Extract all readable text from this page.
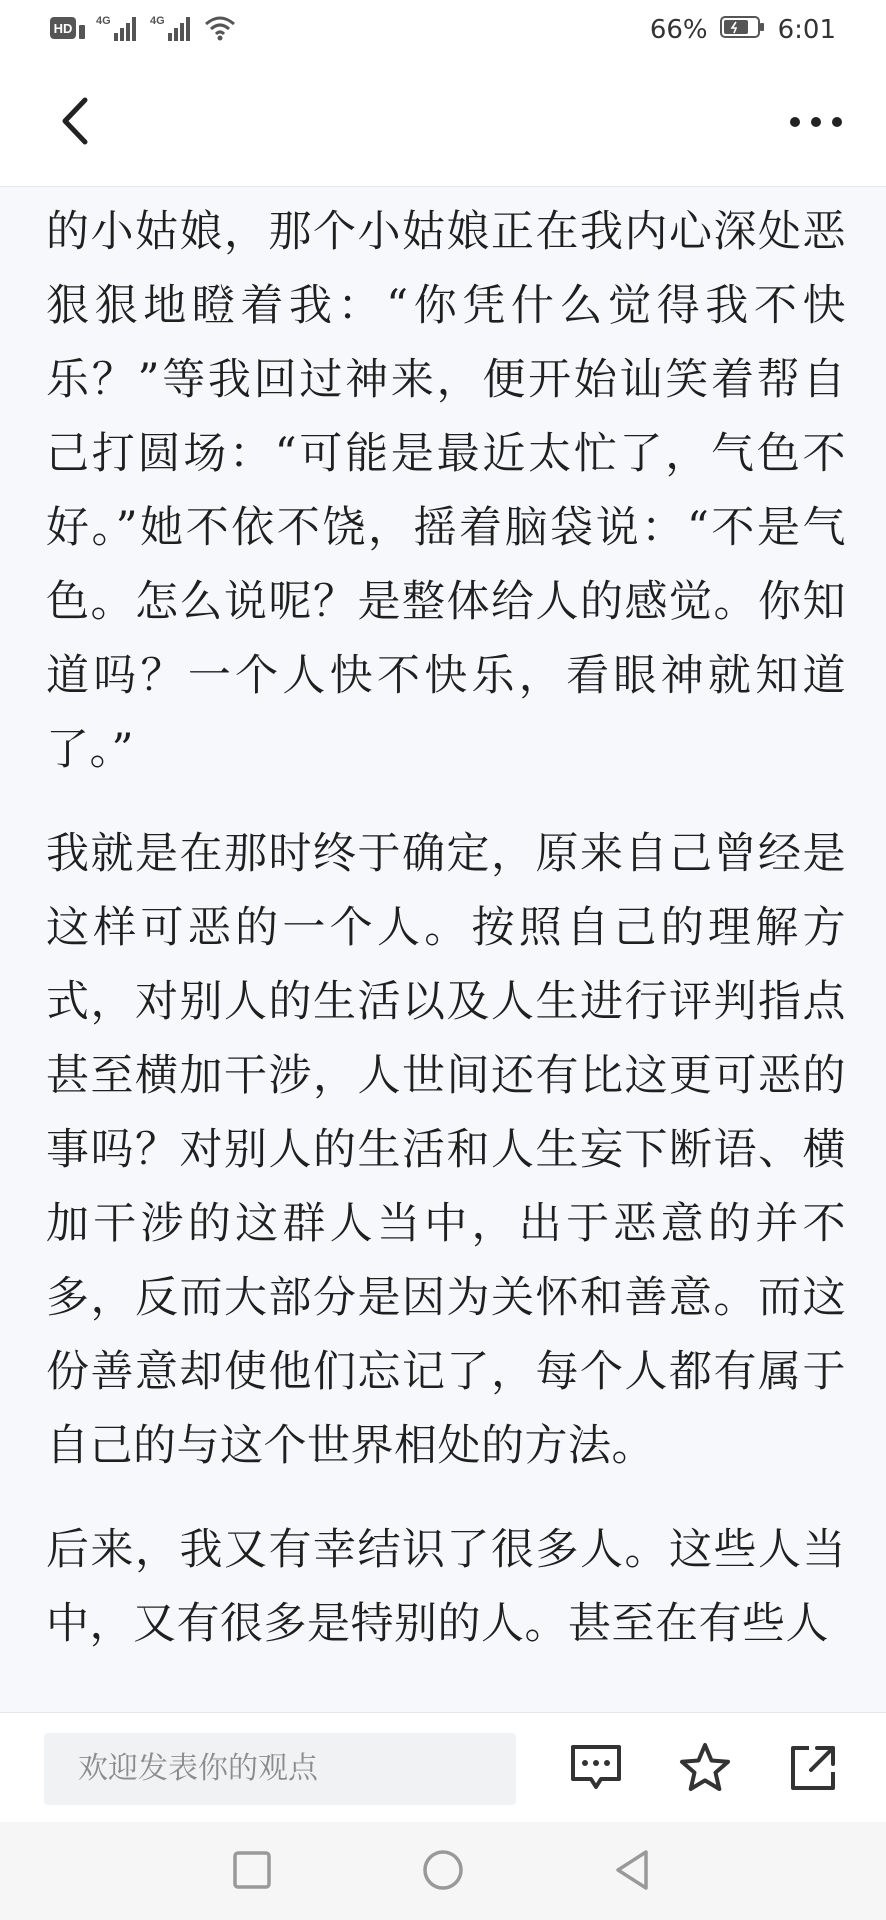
HD 4G	4G	66%	6:01

的小姑娘，那个小姑娘正在我内心深处恶狠狠地瞪着我：“你凭什么觉得我不快乐？”等我回过神来，便开始讪笑着帮自己打圆场：“可能是最近太忙了，气色不好。”她不依不饶，摇着脑袋说：“不是气色。怎么说呢？是整体给人的感觉。你知道吗？一个人快不快乐，看眼神就知道了。”

我就是在那时终于确定，原来自己曾经是这样可恶的一个人。按照自己的理解方式，对别人的生活以及人生进行评判指点甚至横加干涉，人世间还有比这更可恶的事吗？对别人的生活和人生妄下断语、横加干涉的这群人当中，出于恶意的并不多，反而大部分是因为关怀和善意。而这份善意却使他们忘记了，每个人都有属于自己的与这个世界相处的方法。

后来，我又有幸结识了很多人。这些人当中，又有很多是特别的人。甚至在有些人

欢迎发表你的观点
